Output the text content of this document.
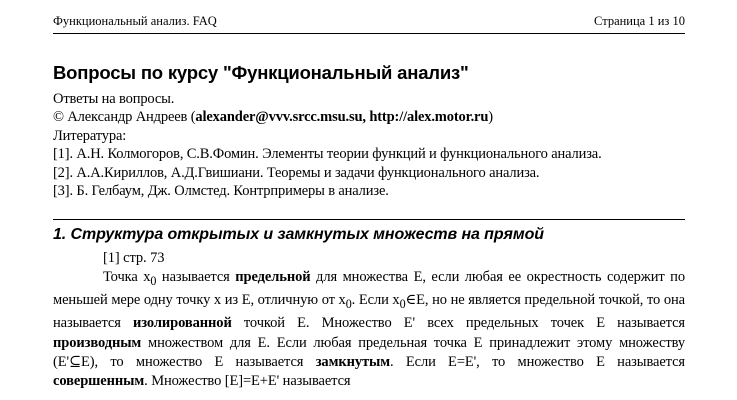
Функциональный анализ. FAQ	Страница 1 из 10
Вопросы по курсу "Функциональный анализ"
Ответы на вопросы.
© Александр Андреев (alexander@vvv.srcc.msu.su, http://alex.motor.ru)
Литература:
[1]. А.Н. Колмогоров, С.В.Фомин. Элементы теории функций и функционального анализа.
[2]. А.А.Кириллов, А.Д.Гвишиани. Теоремы и задачи функционального анализа.
[3]. Б. Гелбаум, Дж. Олмстед. Контрпримеры в анализе.
1. Структура открытых и замкнутых множеств на прямой
[1] стр. 73
Точка $x_0$ называется предельной для множества E, если любая ее окрестность содержит по меньшей мере одну точку x из E, отличную от $x_0$. Если $x_0\in E$, но не является предельной точкой, то она называется изолированной точкой E. Множество E' всех предельных точек E называется производным множеством для E. Если любая предельная точка E принадлежит этому множеству (E'⊆E), то множество E называется замкнутым. Если E=E', то множество E называется совершенным. Множество [E]=E+E' называется
